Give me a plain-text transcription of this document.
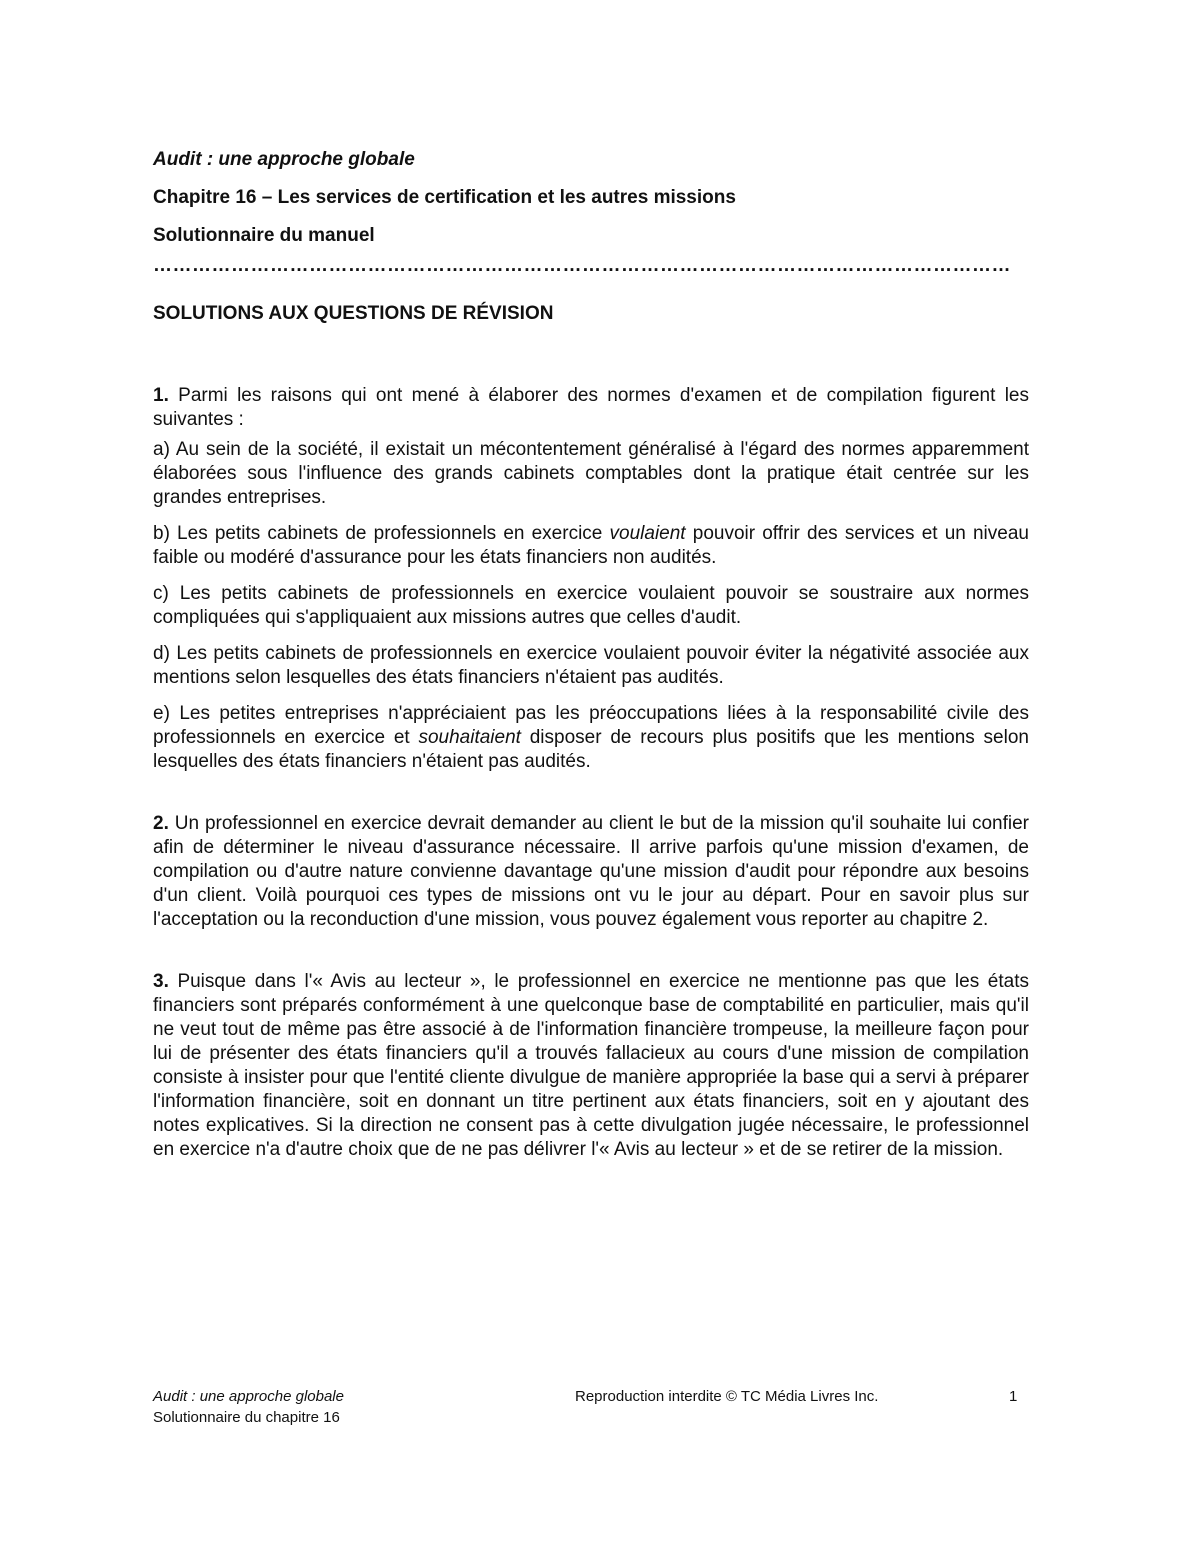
Audit : une approche globale

Chapitre 16 – Les services de certification et les autres missions

Solutionnaire du manuel

……………………………………………………………………………………………………………………

SOLUTIONS AUX QUESTIONS DE RÉVISION

1. Parmi les raisons qui ont mené à élaborer des normes d'examen et de compilation figurent les suivantes :

a) Au sein de la société, il existait un mécontentement généralisé à l'égard des normes apparemment élaborées sous l'influence des grands cabinets comptables dont la pratique était centrée sur les grandes entreprises.

b) Les petits cabinets de professionnels en exercice voulaient pouvoir offrir des services et un niveau faible ou modéré d'assurance pour les états financiers non audités.

c) Les petits cabinets de professionnels en exercice voulaient pouvoir se soustraire aux normes compliquées qui s'appliquaient aux missions autres que celles d'audit.

d) Les petits cabinets de professionnels en exercice voulaient pouvoir éviter la négativité associée aux mentions selon lesquelles des états financiers n'étaient pas audités.

e) Les petites entreprises n'appréciaient pas les préoccupations liées à la responsabilité civile des professionnels en exercice et souhaitaient disposer de recours plus positifs que les mentions selon lesquelles des états financiers n'étaient pas audités.

2. Un professionnel en exercice devrait demander au client le but de la mission qu'il souhaite lui confier afin de déterminer le niveau d'assurance nécessaire. Il arrive parfois qu'une mission d'examen, de compilation ou d'autre nature convienne davantage qu'une mission d'audit pour répondre aux besoins d'un client. Voilà pourquoi ces types de missions ont vu le jour au départ. Pour en savoir plus sur l'acceptation ou la reconduction d'une mission, vous pouvez également vous reporter au chapitre 2.

3. Puisque dans l'« Avis au lecteur », le professionnel en exercice ne mentionne pas que les états financiers sont préparés conformément à une quelconque base de comptabilité en particulier, mais qu'il ne veut tout de même pas être associé à de l'information financière trompeuse, la meilleure façon pour lui de présenter des états financiers qu'il a trouvés fallacieux au cours d'une mission de compilation consiste à insister pour que l'entité cliente divulgue de manière appropriée la base qui a servi à préparer l'information financière, soit en donnant un titre pertinent aux états financiers, soit en y ajoutant des notes explicatives. Si la direction ne consent pas à cette divulgation jugée nécessaire, le professionnel en exercice n'a d'autre choix que de ne pas délivrer l'« Avis au lecteur » et de se retirer de la mission.

Audit : une approche globale
Solutionnaire du chapitre 16
Reproduction interdite © TC Média Livres Inc.	1
